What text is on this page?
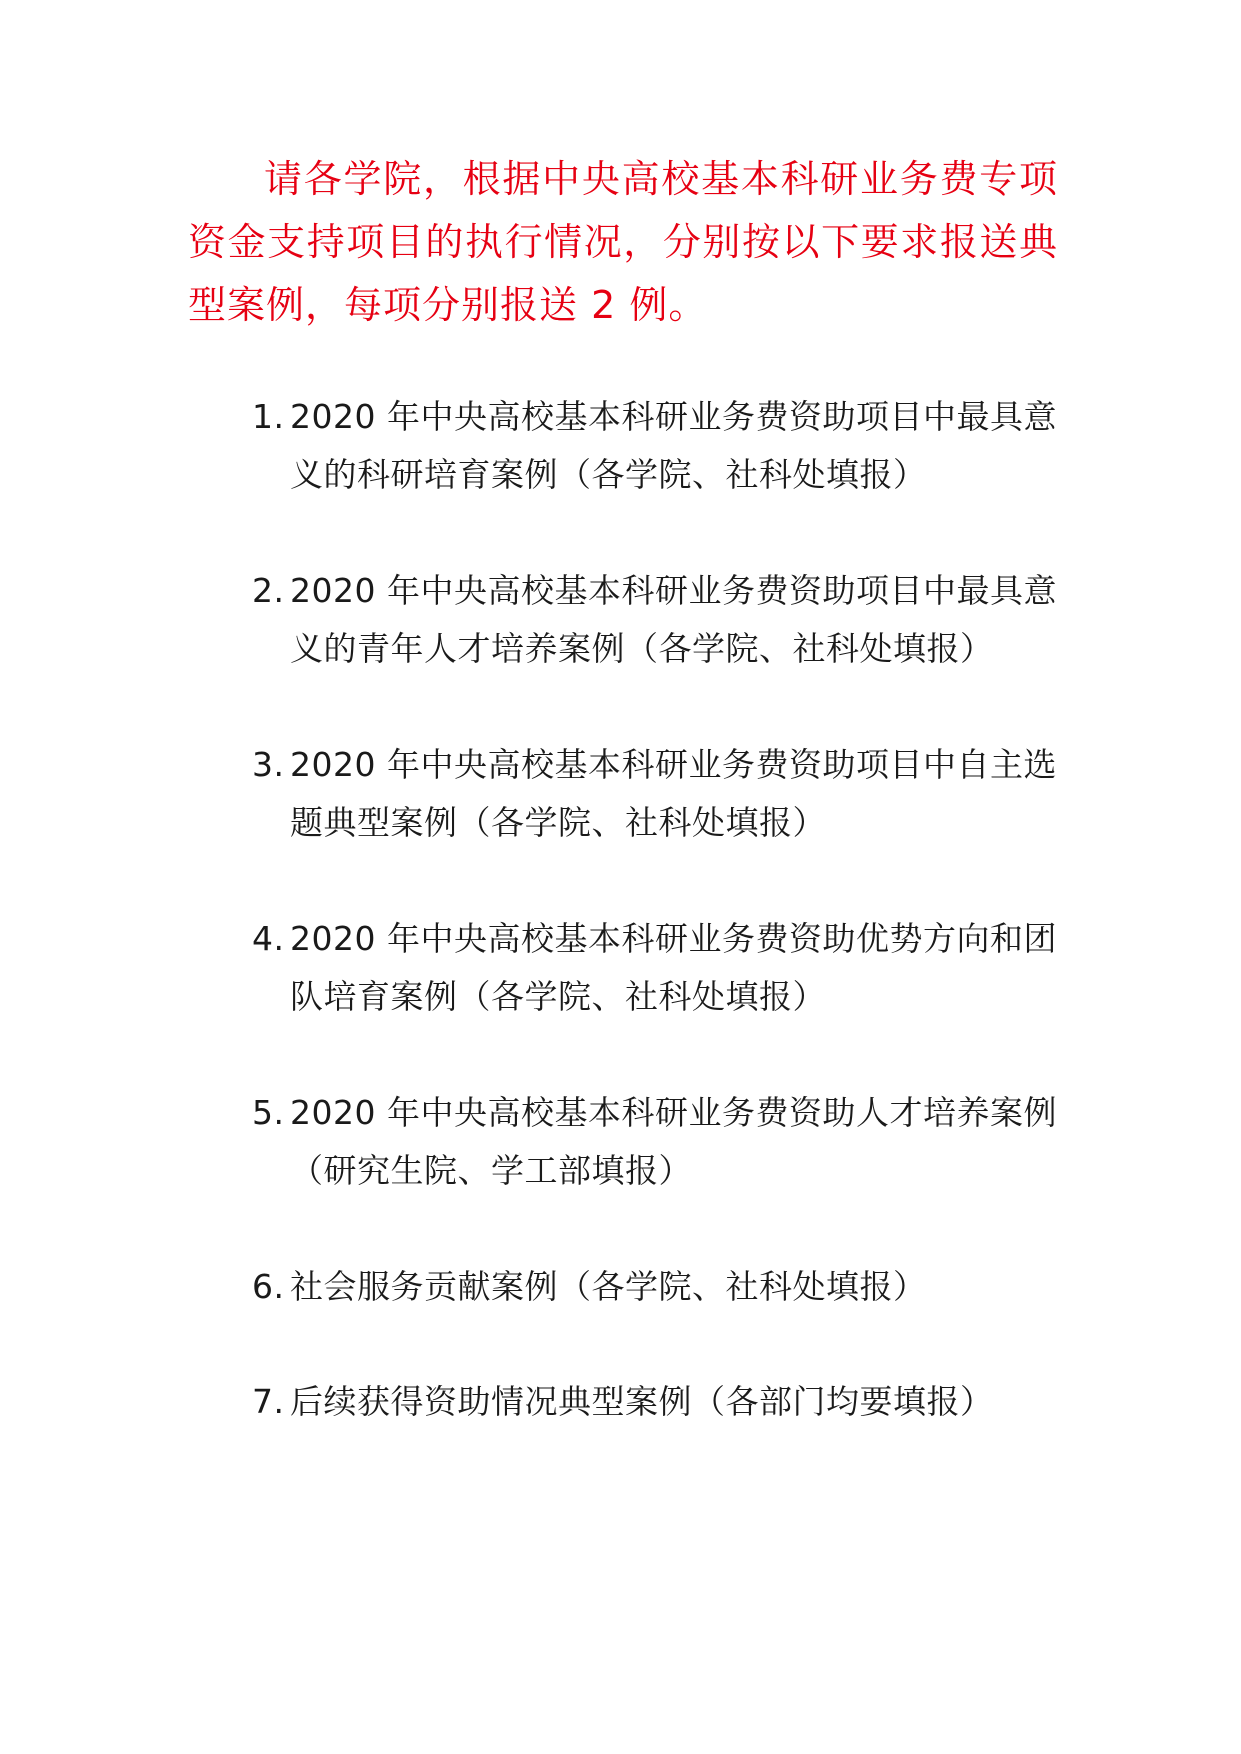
请各学院，根据中央高校基本科研业务费专项资金支持项目的执行情况，分别按以下要求报送典型案例，每项分别报送 2 例。

1. 2020 年中央高校基本科研业务费资助项目中最具意义的科研培育案例（各学院、社科处填报）
2. 2020 年中央高校基本科研业务费资助项目中最具意义的青年人才培养案例（各学院、社科处填报）
3. 2020 年中央高校基本科研业务费资助项目中自主选题典型案例（各学院、社科处填报）
4. 2020 年中央高校基本科研业务费资助优势方向和团队培育案例（各学院、社科处填报）
5. 2020 年中央高校基本科研业务费资助人才培养案例（研究生院、学工部填报）
6. 社会服务贡献案例（各学院、社科处填报）
7. 后续获得资助情况典型案例（各部门均要填报）
